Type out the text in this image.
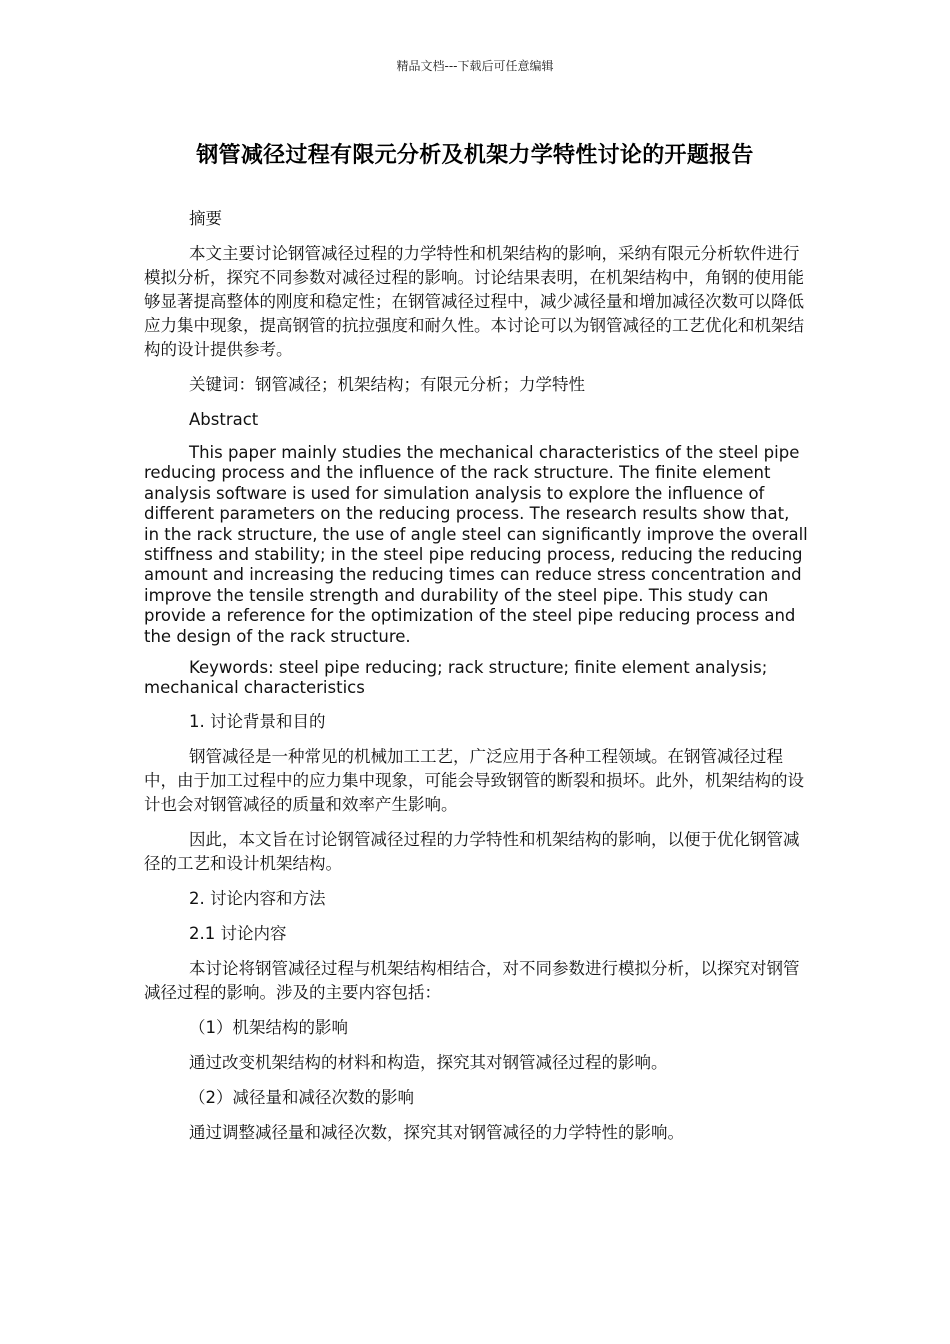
精品文档---下载后可任意编辑
钢管减径过程有限元分析及机架力学特性讨论的开题报告

摘要

本文主要讨论钢管减径过程的力学特性和机架结构的影响，采纳有限元分析软件进行模拟分析，探究不同参数对减径过程的影响。讨论结果表明，在机架结构中，角钢的使用能够显著提高整体的刚度和稳定性；在钢管减径过程中，减少减径量和增加减径次数可以降低应力集中现象，提高钢管的抗拉强度和耐久性。本讨论可以为钢管减径的工艺优化和机架结构的设计提供参考。

关键词：钢管减径；机架结构；有限元分析；力学特性

Abstract

This paper mainly studies the mechanical characteristics of the steel pipe reducing process and the influence of the rack structure. The finite element analysis software is used for simulation analysis to explore the influence of different parameters on the reducing process. The research results show that, in the rack structure, the use of angle steel can significantly improve the overall stiffness and stability; in the steel pipe reducing process, reducing the reducing amount and increasing the reducing times can reduce stress concentration and improve the tensile strength and durability of the steel pipe. This study can provide a reference for the optimization of the steel pipe reducing process and the design of the rack structure.

Keywords: steel pipe reducing; rack structure; finite element analysis; mechanical characteristics

1. 讨论背景和目的

钢管减径是一种常见的机械加工工艺，广泛应用于各种工程领域。在钢管减径过程中，由于加工过程中的应力集中现象，可能会导致钢管的断裂和损坏。此外，机架结构的设计也会对钢管减径的质量和效率产生影响。

因此，本文旨在讨论钢管减径过程的力学特性和机架结构的影响，以便于优化钢管减径的工艺和设计机架结构。

2. 讨论内容和方法

2.1 讨论内容

本讨论将钢管减径过程与机架结构相结合，对不同参数进行模拟分析，以探究对钢管减径过程的影响。涉及的主要内容包括：

（1）机架结构的影响

通过改变机架结构的材料和构造，探究其对钢管减径过程的影响。

（2）减径量和减径次数的影响

通过调整减径量和减径次数，探究其对钢管减径的力学特性的影响。
